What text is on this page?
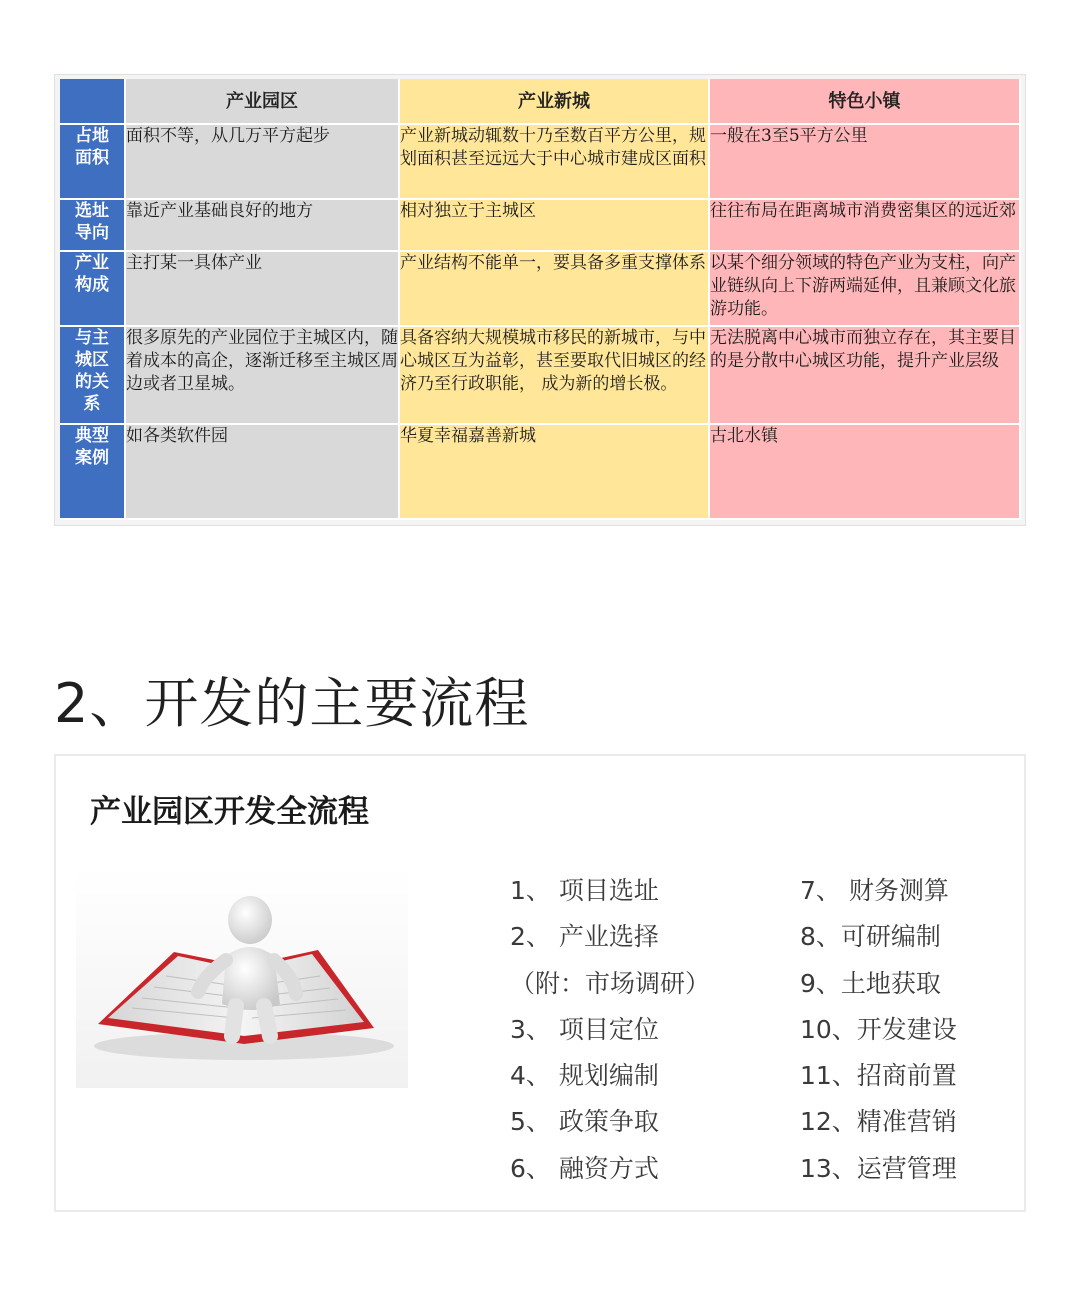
	产业园区	产业新城	特色小镇
占地
面积	面积不等，从几万平方起步	产业新城动辄数十乃至数百平方公里，规划面积甚至远远大于中心城市建成区面积	一般在3至5平方公里
选址
导向	靠近产业基础良好的地方	相对独立于主城区	往往布局在距离城市消费密集区的远近郊
产业
构成	主打某一具体产业	产业结构不能单一，要具备多重支撑体系	以某个细分领域的特色产业为支柱，向产业链纵向上下游两端延伸，且兼顾文化旅游功能。
与主
城区
的关
系	很多原先的产业园位于主城区内，随着成本的高企，逐渐迁移至主城区周边或者卫星城。	具备容纳大规模城市移民的新城市，与中心城区互为益彰，甚至要取代旧城区的经济乃至行政职能， 成为新的增长极。	无法脱离中心城市而独立存在，其主要目的是分散中心城区功能，提升产业层级
典型
案例	如各类软件园	华夏幸福嘉善新城	古北水镇
2、开发的主要流程
产业园区开发全流程
1、 项目选址
2、 产业选择
（附：市场调研）
3、 项目定位
4、 规划编制
5、 政策争取
6、 融资方式
7、 财务测算
8、可研编制
9、土地获取
10、开发建设
11、招商前置
12、精准营销
13、运营管理
